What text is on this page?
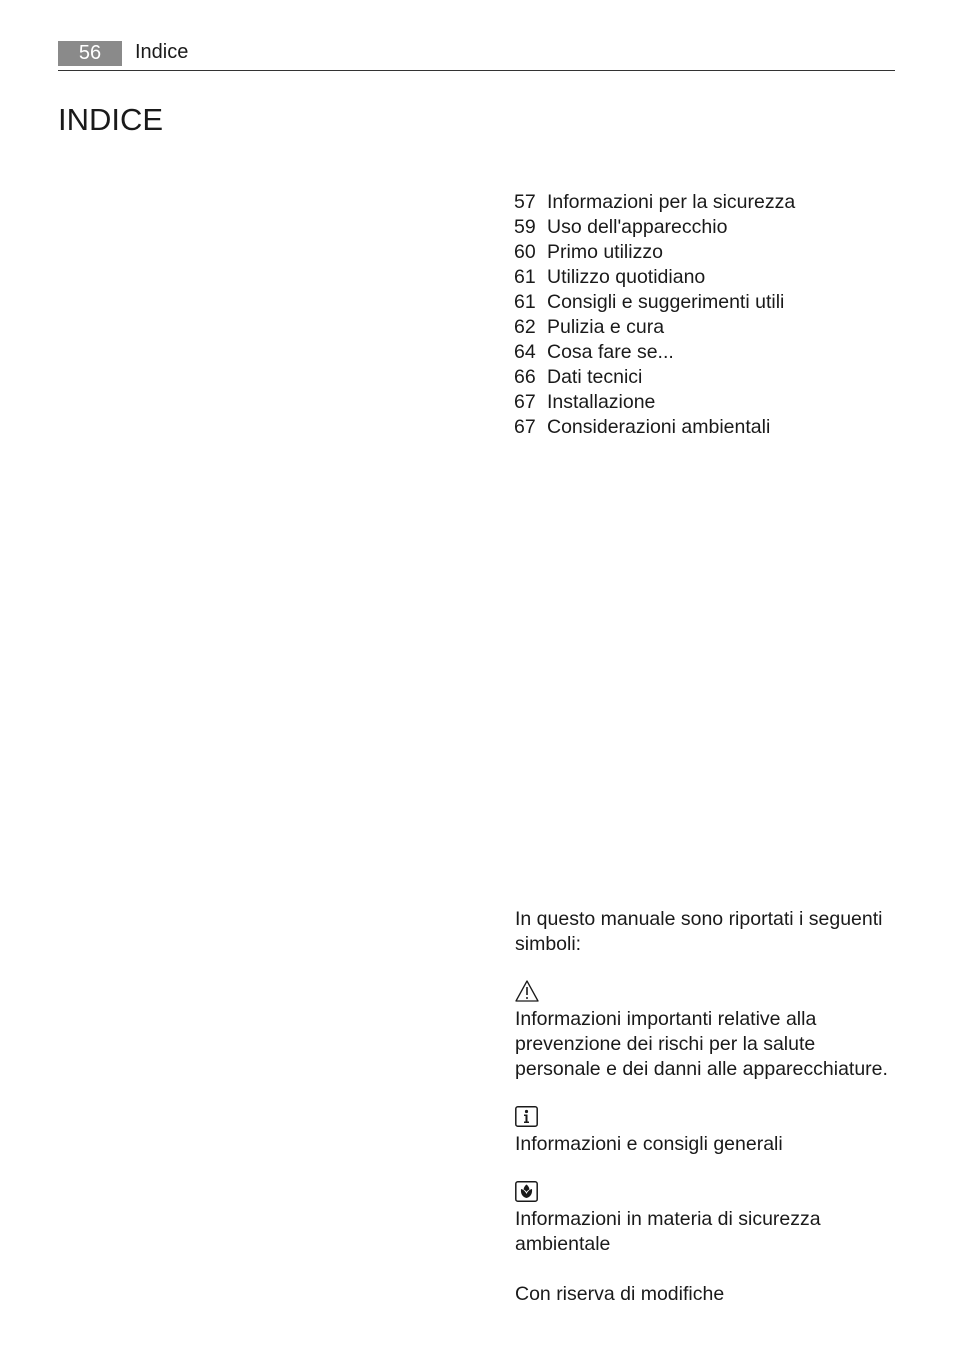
56	Indice
INDICE
57 Informazioni per la sicurezza
59 Uso dell'apparecchio
60 Primo utilizzo
61 Utilizzo quotidiano
61 Consigli e suggerimenti utili
62 Pulizia e cura
64 Cosa fare se...
66 Dati tecnici
67 Installazione
67 Considerazioni ambientali

In questo manuale sono riportati i seguenti simboli:

Informazioni importanti relative alla prevenzione dei rischi per la salute personale e dei danni alle apparecchiature.

Informazioni e consigli generali

Informazioni in materia di sicurezza ambientale

Con riserva di modifiche
